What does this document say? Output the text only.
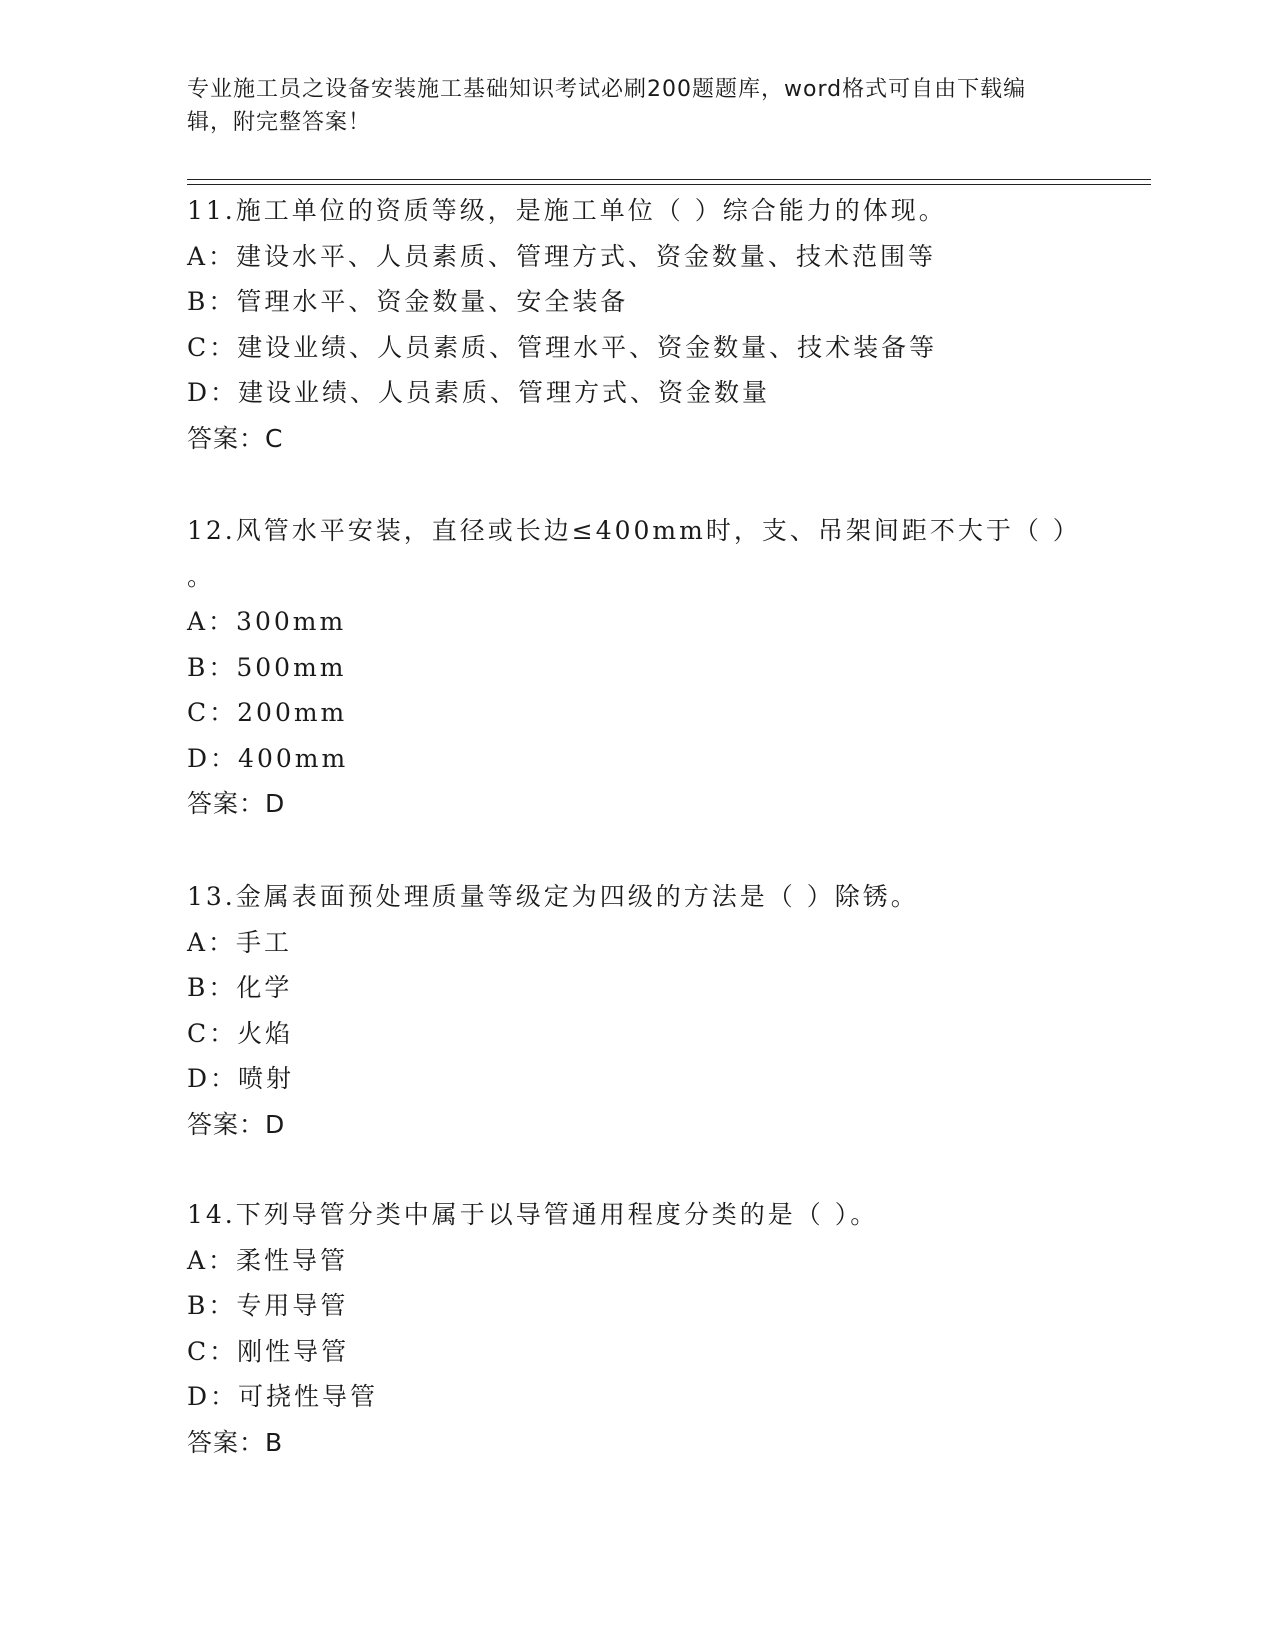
专业施工员之设备安装施工基础知识考试必刷200题题库，word格式可自由下载编辑，附完整答案！
11.施工单位的资质等级，是施工单位（ ）综合能力的体现。
A：建设水平、人员素质、管理方式、资金数量、技术范围等
B：管理水平、资金数量、安全装备
C：建设业绩、人员素质、管理水平、资金数量、技术装备等
D：建设业绩、人员素质、管理方式、资金数量
答案：C
12.风管水平安装，直径或长边≤400mm时，支、吊架间距不大于（ ）
。
A：300mm
B：500mm
C：200mm
D：400mm
答案：D
13.金属表面预处理质量等级定为四级的方法是（ ）除锈。
A：手工
B：化学
C：火焰
D：喷射
答案：D
14.下列导管分类中属于以导管通用程度分类的是（ ）。
A：柔性导管
B：专用导管
C：刚性导管
D：可挠性导管
答案：B
